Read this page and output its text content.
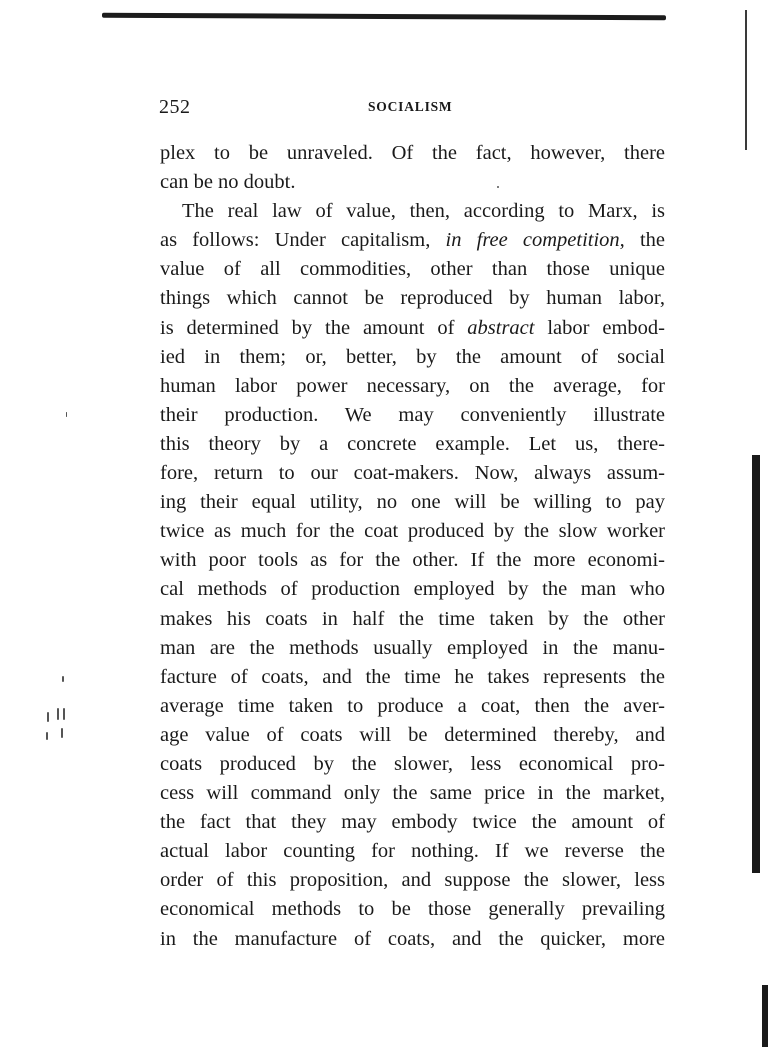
252	SOCIALISM
plex to be unraveled. Of the fact, however, there
can be no doubt.
The real law of value, then, according to Marx, is
as follows: Under capitalism, in free competition, the
value of all commodities, other than those unique
things which cannot be reproduced by human labor,
is determined by the amount of abstract labor embod-
ied in them; or, better, by the amount of social
human labor power necessary, on the average, for
their production. We may conveniently illustrate
this theory by a concrete example. Let us, there-
fore, return to our coat-makers. Now, always assum-
ing their equal utility, no one will be willing to pay
twice as much for the coat produced by the slow worker
with poor tools as for the other. If the more economi-
cal methods of production employed by the man who
makes his coats in half the time taken by the other
man are the methods usually employed in the manu-
facture of coats, and the time he takes represents the
average time taken to produce a coat, then the aver-
age value of coats will be determined thereby, and
coats produced by the slower, less economical pro-
cess will command only the same price in the market,
the fact that they may embody twice the amount of
actual labor counting for nothing. If we reverse the
order of this proposition, and suppose the slower, less
economical methods to be those generally prevailing
in the manufacture of coats, and the quicker, more
